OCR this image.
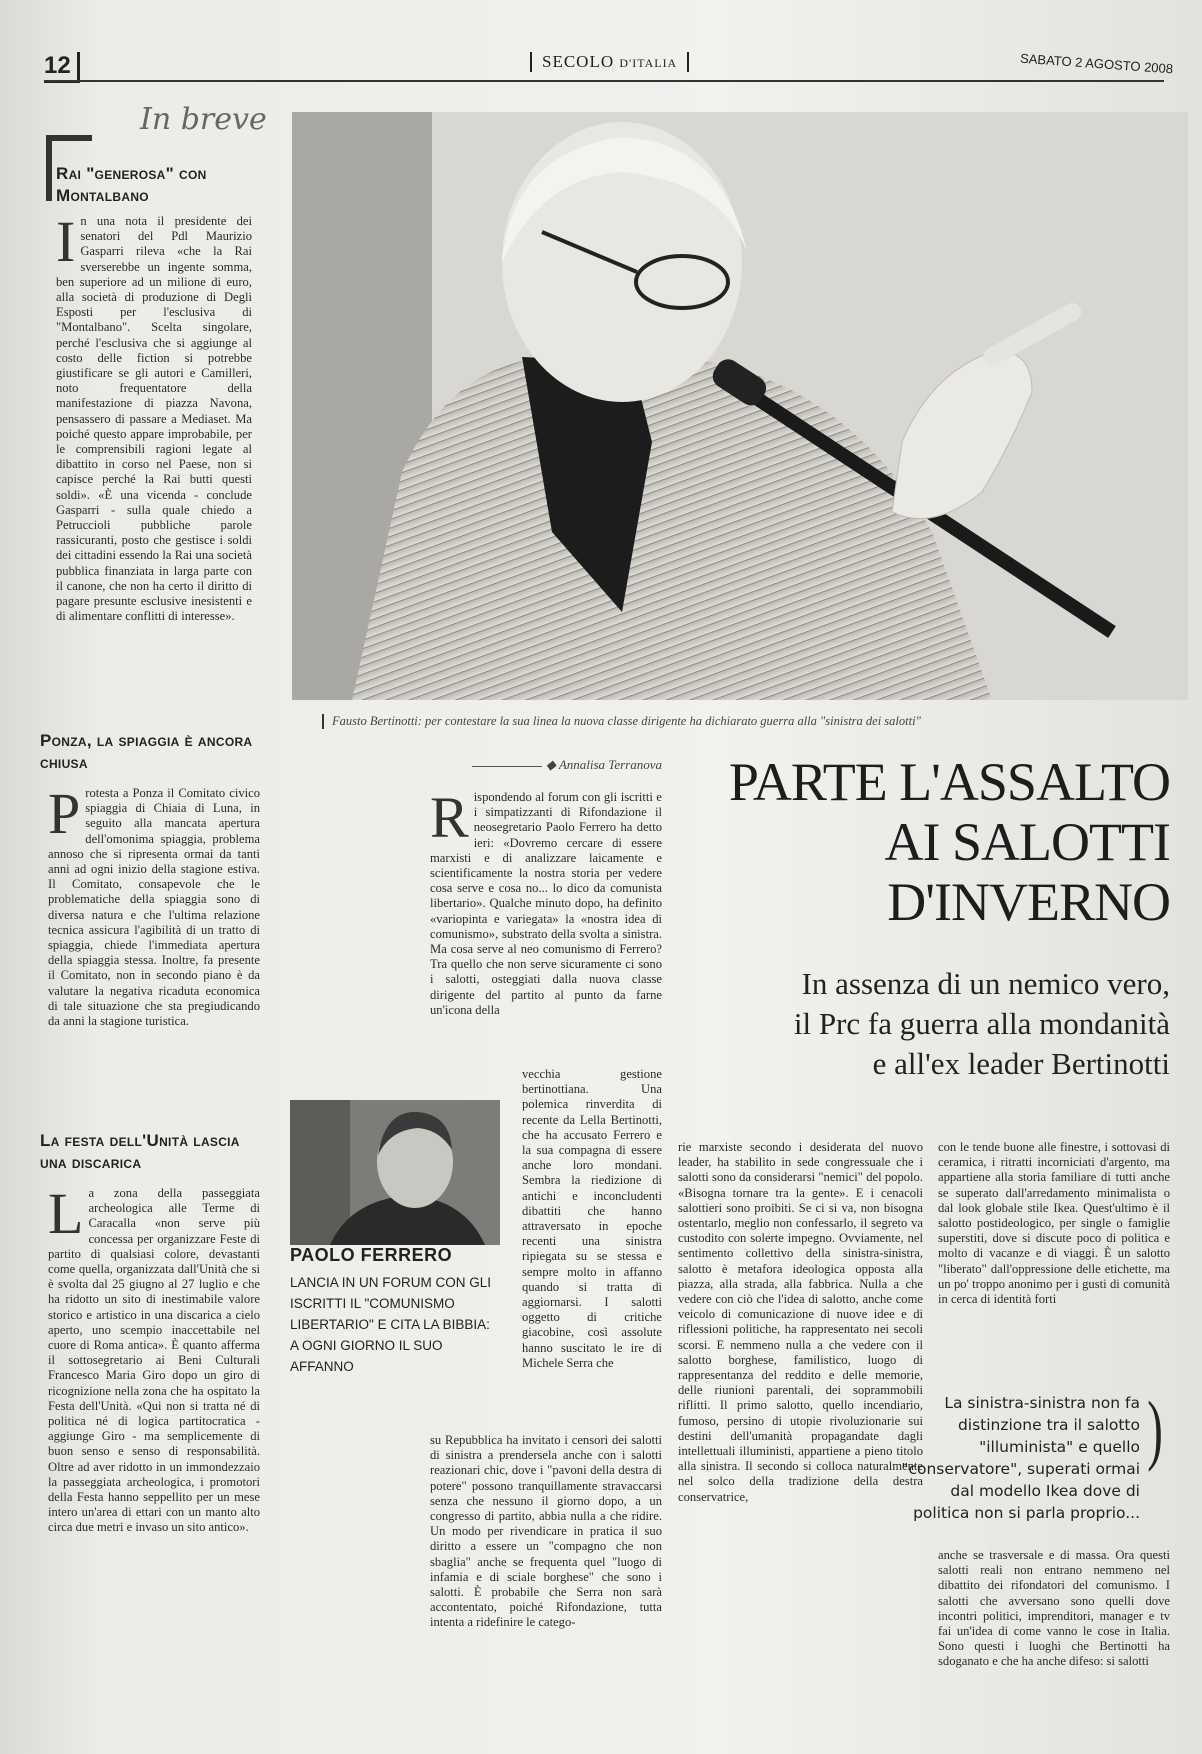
12	SECOLO D'ITALIA	SABATO 2 AGOSTO 2008
In breve
Rai "generosa" con Montalbano
In una nota il presidente dei senatori del Pdl Maurizio Gasparri rileva «che la Rai sverserebbe un ingente somma, ben superiore ad un milione di euro, alla società di produzione di Degli Esposti per l'esclusiva di "Montalbano". Scelta singolare, perché l'esclusiva che si aggiunge al costo delle fiction si potrebbe giustificare se gli autori e Camilleri, noto frequentatore della manifestazione di piazza Navona, pensassero di passare a Mediaset. Ma poiché questo appare improbabile, per le comprensibili ragioni legate al dibattito in corso nel Paese, non si capisce perché la Rai butti questi soldi». «È una vicenda - conclude Gasparri - sulla quale chiedo a Petruccioli pubbliche parole rassicuranti, posto che gestisce i soldi dei cittadini essendo la Rai una società pubblica finanziata in larga parte con il canone, che non ha certo il diritto di pagare presunte esclusive inesistenti e di alimentare conflitti di interesse».
Ponza, la spiaggia è ancora chiusa
Protesta a Ponza il Comitato civico spiaggia di Chiaia di Luna, in seguito alla mancata apertura dell'omonima spiaggia, problema annoso che si ripresenta ormai da tanti anni ad ogni inizio della stagione estiva. Il Comitato, consapevole che le problematiche della spiaggia sono di diversa natura e che l'ultima relazione tecnica assicura l'agibilità di un tratto di spiaggia, chiede l'immediata apertura della spiaggia stessa. Inoltre, fa presente il Comitato, non in secondo piano è da valutare la negativa ricaduta economica di tale situazione che sta pregiudicando da anni la stagione turistica.
La festa dell'Unità lascia una discarica
La zona della passeggiata archeologica alle Terme di Caracalla «non serve più concessa per organizzare Feste di partito di qualsiasi colore, devastanti come quella, organizzata dall'Unità che si è svolta dal 25 giugno al 27 luglio e che ha ridotto un sito di inestimabile valore storico e artistico in una discarica a cielo aperto, uno scempio inaccettabile nel cuore di Roma antica». È quanto afferma il sottosegretario ai Beni Culturali Francesco Maria Giro dopo un giro di ricognizione nella zona che ha ospitato la Festa dell'Unità. «Qui non si tratta né di politica né di logica partitocratica - aggiunge Giro - ma semplicemente di buon senso e senso di responsabilità. Oltre ad aver ridotto in un immondezzaio la passeggiata archeologica, i promotori della Festa hanno seppellito per un mese intero un'area di ettari con un manto alto circa due metri e invaso un sito antico».
Fausto Bertinotti: per contestare la sua linea la nuova classe dirigente ha dichiarato guerra alla "sinistra dei salotti"
PARTE L'ASSALTO
AI SALOTTI
D'INVERNO
In assenza di un nemico vero,
il Prc fa guerra alla mondanità
e all'ex leader Bertinotti
◆ Annalisa Terranova
Rispondendo al forum con gli iscritti e i simpatizzanti di Rifondazione il neosegretario Paolo Ferrero ha detto ieri: «Dovremo cercare di essere marxisti e di analizzare laicamente e scientificamente la nostra storia per vedere cosa serve e cosa no... lo dico da comunista libertario». Qualche minuto dopo, ha definito «variopinta e variegata» la «nostra idea di comunismo», substrato della svolta a sinistra. Ma cosa serve al neo comunismo di Ferrero? Tra quello che non serve sicuramente ci sono i salotti, osteggiati dalla nuova classe dirigente del partito al punto da farne un'icona della
vecchia gestione bertinottiana. Una polemica rinverdita di recente da Lella Bertinotti, che ha accusato Ferrero e la sua compagna di essere anche loro mondani. Sembra la riedizione di antichi e inconcludenti dibattiti che hanno attraversato in epoche recenti una sinistra ripiegata su se stessa e sempre molto in affanno quando si tratta di aggiornarsi. I salotti oggetto di critiche giacobine, così assolute hanno suscitato le ire di Michele Serra che
su Repubblica ha invitato i censori dei salotti di sinistra a prendersela anche con i salotti reazionari chic, dove i "pavoni della destra di potere" possono tranquillamente stravaccarsi senza che nessuno il giorno dopo, a un congresso di partito, abbia nulla a che ridire. Un modo per rivendicare in pratica il suo diritto a essere un "compagno che non sbaglia" anche se frequenta quel "luogo di infamia e di sciale borghese" che sono i salotti. È probabile che Serra non sarà accontentato, poiché Rifondazione, tutta intenta a ridefinire le catego-
PAOLO FERRERO
LANCIA IN UN FORUM CON GLI ISCRITTI IL "COMUNISMO LIBERTARIO" E CITA LA BIBBIA: A OGNI GIORNO IL SUO AFFANNO
rie marxiste secondo i desiderata del nuovo leader, ha stabilito in sede congressuale che i salotti sono da considerarsi "nemici" del popolo. «Bisogna tornare tra la gente». E i cenacoli salottieri sono proibiti. Se ci si va, non bisogna ostentarlo, meglio non confessarlo, il segreto va custodito con solerte impegno. Ovviamente, nel sentimento collettivo della sinistra-sinistra, salotto è metafora ideologica opposta alla piazza, alla strada, alla fabbrica. Nulla a che vedere con ciò che l'idea di salotto, anche come veicolo di comunicazione di nuove idee e di riflessioni politiche, ha rappresentato nei secoli scorsi. E nemmeno nulla a che vedere con il salotto borghese, familistico, luogo di rappresentanza del reddito e delle memorie, delle riunioni parentali, dei soprammobili riflitti. Il primo salotto, quello incendiario, fumoso, persino di utopie rivoluzionarie sui destini dell'umanità propagandate dagli intellettuali illuministi, appartiene a pieno titolo alla sinistra. Il secondo si colloca naturalmente nel solco della tradizione della destra conservatrice,
con le tende buone alle finestre, i sottovasi di ceramica, i ritratti incorniciati d'argento, ma appartiene alla storia familiare di tutti anche se superato dall'arredamento minimalista o dal look globale stile Ikea. Quest'ultimo è il salotto postideologico, per single o famiglie superstiti, dove si discute poco di politica e molto di vacanze e di viaggi. È un salotto "liberato" dall'oppressione delle etichette, ma un po' troppo anonimo per i gusti di comunità in cerca di identità forti
La sinistra-sinistra non fa distinzione tra il salotto "illuminista" e quello "conservatore", superati ormai dal modello Ikea dove di politica non si parla proprio...
)
anche se trasversale e di massa. Ora questi salotti reali non entrano nemmeno nel dibattito dei rifondatori del comunismo. I salotti che avversano sono quelli dove incontri politici, imprenditori, manager e tv fai un'idea di come vanno le cose in Italia. Sono questi i luoghi che Bertinotti ha sdoganato e che ha anche difeso: si salotti
